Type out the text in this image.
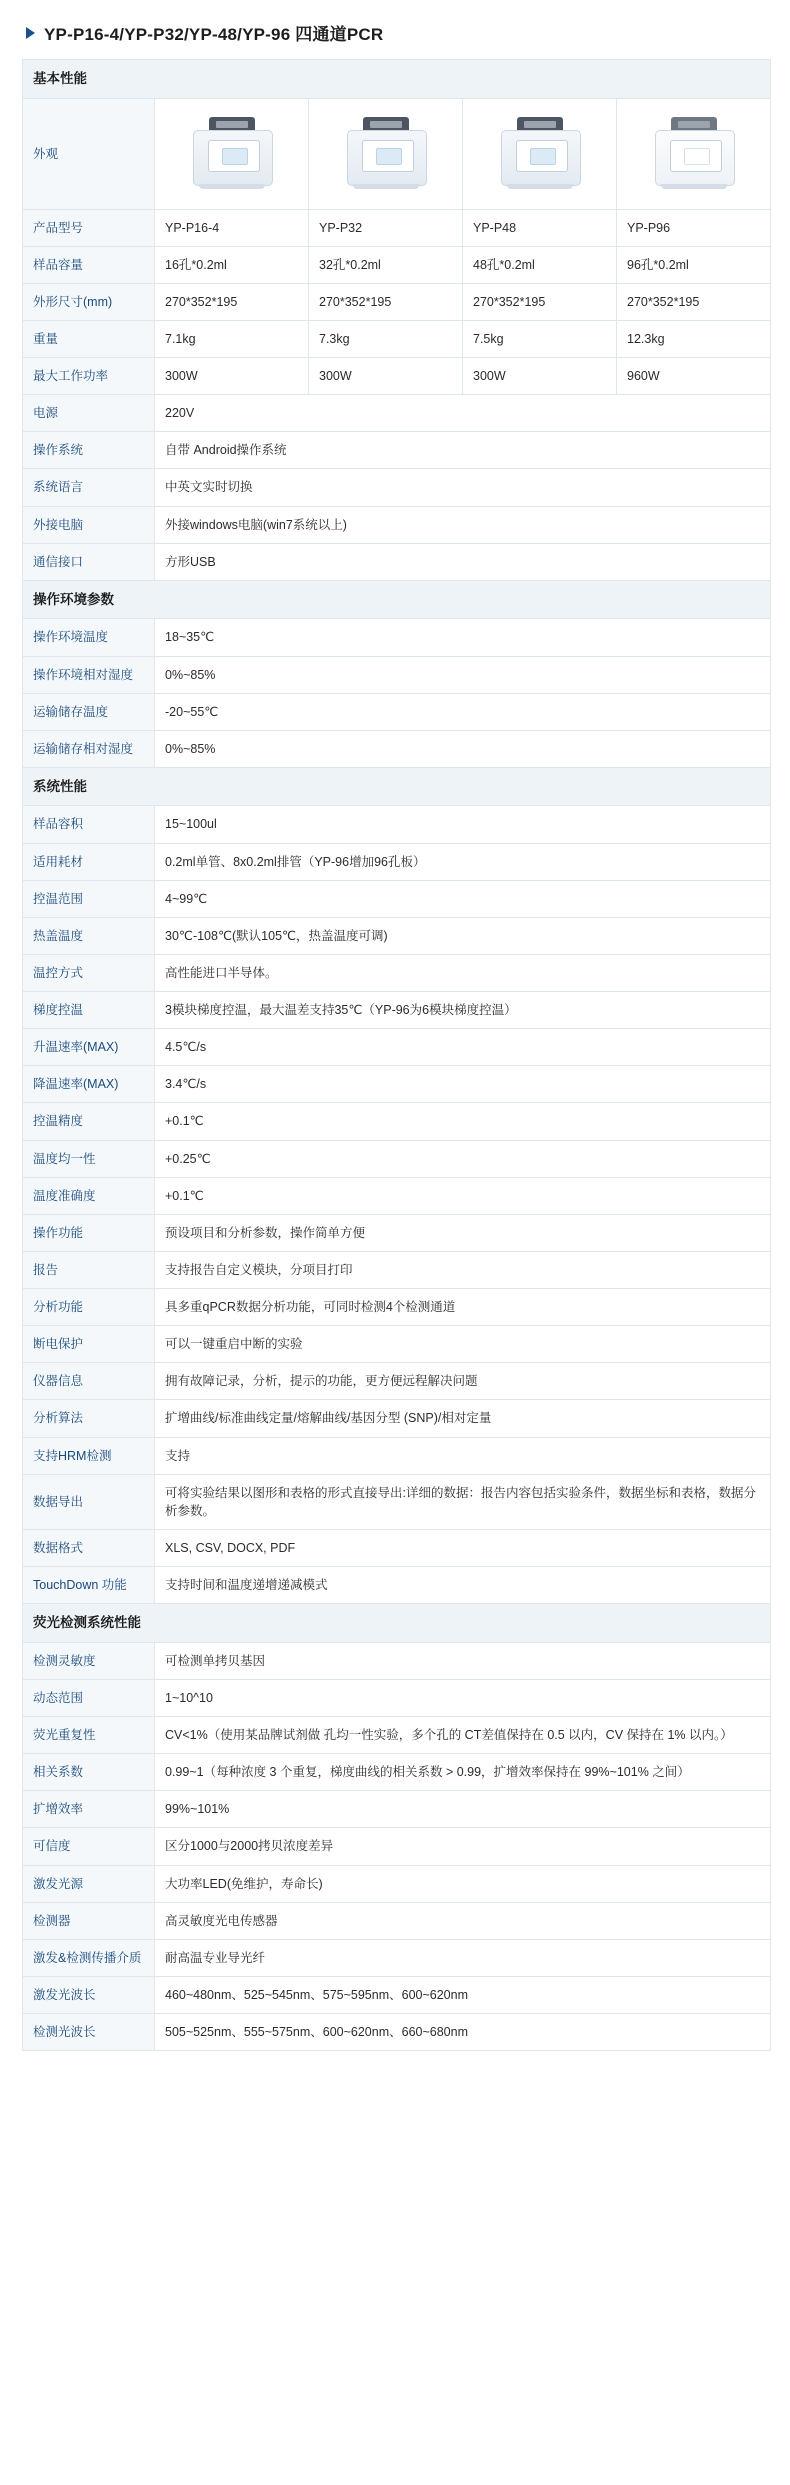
YP-P16-4/YP-P32/YP-48/YP-96 四通道PCR
基本性能				
外观	

产品型号	YP-P16-4	YP-P32	YP-P48	YP-P96
样品容量	16孔*0.2ml	32孔*0.2ml	48孔*0.2ml	96孔*0.2ml
外形尺寸(mm)	270*352*195	270*352*195	270*352*195	270*352*195
重量	7.1kg	7.3kg	7.5kg	12.3kg
最大工作功率	300W	300W	300W	960W
电源	220V			
操作系统	自带 Android操作系统			
系统语言	中英文实时切换			
外接电脑	外接windows电脑(win7系统以上)			
通信接口	方形USB			
操作环境参数				
操作环境温度	18~35℃			
操作环境相对湿度	0%~85%			
运输储存温度	-20~55℃			
运输储存相对湿度	0%~85%			
系统性能				
样品容积	15~100ul			
适用耗材	0.2ml单管、8x0.2ml排管（YP-96增加96孔板）			
控温范围	4~99℃			
热盖温度	30℃-108℃(默认105℃，热盖温度可调)			
温控方式	高性能进口半导体。			
梯度控温	3模块梯度控温，最大温差支持35℃（YP-96为6模块梯度控温）			
升温速率(MAX)	4.5℃/s			
降温速率(MAX)	3.4℃/s			
控温精度	+0.1℃			
温度均一性	+0.25℃			
温度准确度	+0.1℃			
操作功能	预设项目和分析参数，操作简单方便			
报告	支持报告自定义模块，分项目打印			
分析功能	具多重qPCR数据分析功能，可同时检测4个检测通道			
断电保护	可以一键重启中断的实验			
仪器信息	拥有故障记录，分析，提示的功能，更方便远程解决问题			
分析算法	扩增曲线/标准曲线定量/熔解曲线/基因分型 (SNP)/相对定量			
支持HRM检测	支持			
数据导出	可将实验结果以图形和表格的形式直接导出:详细的数据：报告内容包括实验条件，数据坐标和表格，数据分析参数。			
数据格式	XLS, CSV, DOCX, PDF			
TouchDown 功能	支持时间和温度递增递减模式			
荧光检测系统性能				
检测灵敏度	可检测单拷贝基因			
动态范围	1~10^10			
荧光重复性	CV<1%（使用某品牌试剂做 孔均一性实验，多个孔的 CT差值保持在 0.5 以内，CV 保持在 1% 以内。）			
相关系数	0.99~1（每种浓度 3 个重复，梯度曲线的相关系数 > 0.99，扩增效率保持在 99%~101% 之间）			
扩增效率	99%~101%			
可信度	区分1000与2000拷贝浓度差异			
激发光源	大功率LED(免维护，寿命长)			
检测器	高灵敏度光电传感器			
激发&检测传播介质	耐高温专业导光纤			
激发光波长	460~480nm、525~545nm、575~595nm、600~620nm			
检测光波长	505~525nm、555~575nm、600~620nm、660~680nm			
